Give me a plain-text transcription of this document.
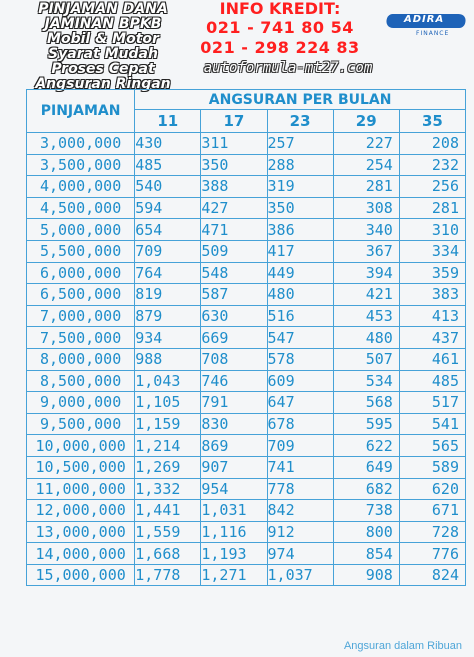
PINJAMAN DANA
JAMINAN BPKB
Mobil & Motor
Syarat Mudah
Proses Cepat
Angsuran Ringan
INFO KREDIT:
021 - 741 80 54
021 - 298 224 83
autoformula-mt27.com
ADIRA
FINANCE
PINJAMAN	ANGSURAN PER BULAN				
	11	17	23	29	35
3,000,000	430	311	257	227	208
3,500,000	485	350	288	254	232
4,000,000	540	388	319	281	256
4,500,000	594	427	350	308	281
5,000,000	654	471	386	340	310
5,500,000	709	509	417	367	334
6,000,000	764	548	449	394	359
6,500,000	819	587	480	421	383
7,000,000	879	630	516	453	413
7,500,000	934	669	547	480	437
8,000,000	988	708	578	507	461
8,500,000	1,043	746	609	534	485
9,000,000	1,105	791	647	568	517
9,500,000	1,159	830	678	595	541
10,000,000	1,214	869	709	622	565
10,500,000	1,269	907	741	649	589
11,000,000	1,332	954	778	682	620
12,000,000	1,441	1,031	842	738	671
13,000,000	1,559	1,116	912	800	728
14,000,000	1,668	1,193	974	854	776
15,000,000	1,778	1,271	1,037	908	824
Angsuran dalam Ribuan
